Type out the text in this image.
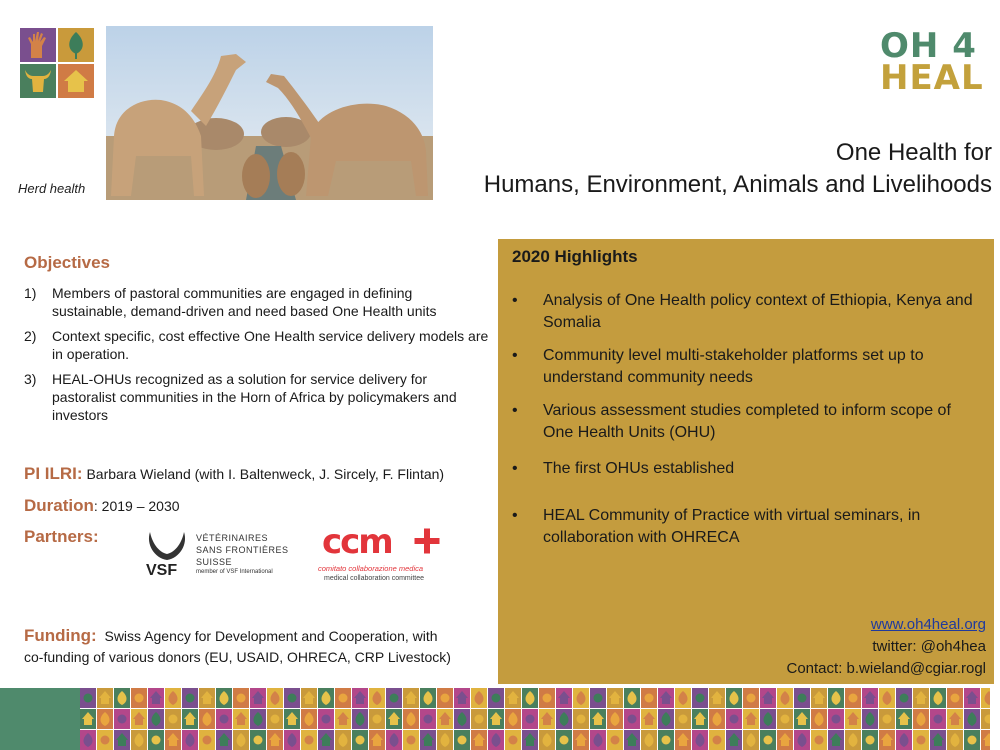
Herd health
OH 4
HEAL
One Health for
Humans, Environment, Animals and Livelihoods
Objectives
1)	Members of pastoral communities are engaged in defining sustainable, demand-driven and need based One Health units
2)	Context specific, cost effective One Health service delivery models are in operation.
3)	HEAL-OHUs recognized as a solution for service delivery for pastoralist communities in the Horn of Africa by policymakers and investors
PI ILRI: Barbara Wieland (with I. Baltenweck, J. Sircely, F. Flintan)
Duration: 2019 – 2030
Partners:
VSF
VÉTÉRINAIRES
SANS FRONTIÈRES
SUISSE
member of VSF International
ccm
comitato collaborazione medica
medical collaboration committee
Funding: Swiss Agency for Development and Cooperation, with
co-funding of various donors (EU, USAID, OHRECA, CRP Livestock)
2020 Highlights
•	Analysis of One Health policy context of Ethiopia, Kenya and Somalia
•	Community level multi-stakeholder platforms set up to understand community needs
•	Various assessment studies completed to inform scope of One Health Units (OHU)
•	The first OHUs established
•	HEAL Community of Practice with virtual seminars, in collaboration with OHRECA
www.oh4heal.org
twitter: @oh4hea
Contact: b.wieland@cgiar.rogl
